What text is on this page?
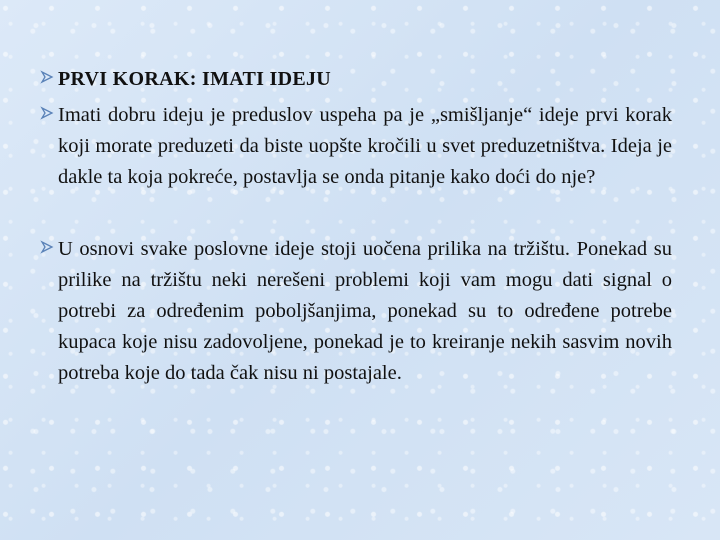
PRVI KORAK: IMATI IDEJU
Imati dobru ideju je preduslov uspeha pa je „smišljanje“ ideje prvi korak koji morate preduzeti da biste uopšte kročili u svet preduzetništva. Ideja je dakle ta koja pokreće, postavlja se onda pitanje kako doći do nje?
U osnovi svake poslovne ideje stoji uočena prilika na tržištu. Ponekad su prilike na tržištu neki nerešeni problemi koji vam mogu dati signal o potrebi za određenim poboljšanjima, ponekad su to određene potrebe kupaca koje nisu zadovoljene, ponekad je to kreiranje nekih sasvim novih potreba koje do tada čak nisu ni postajale.
